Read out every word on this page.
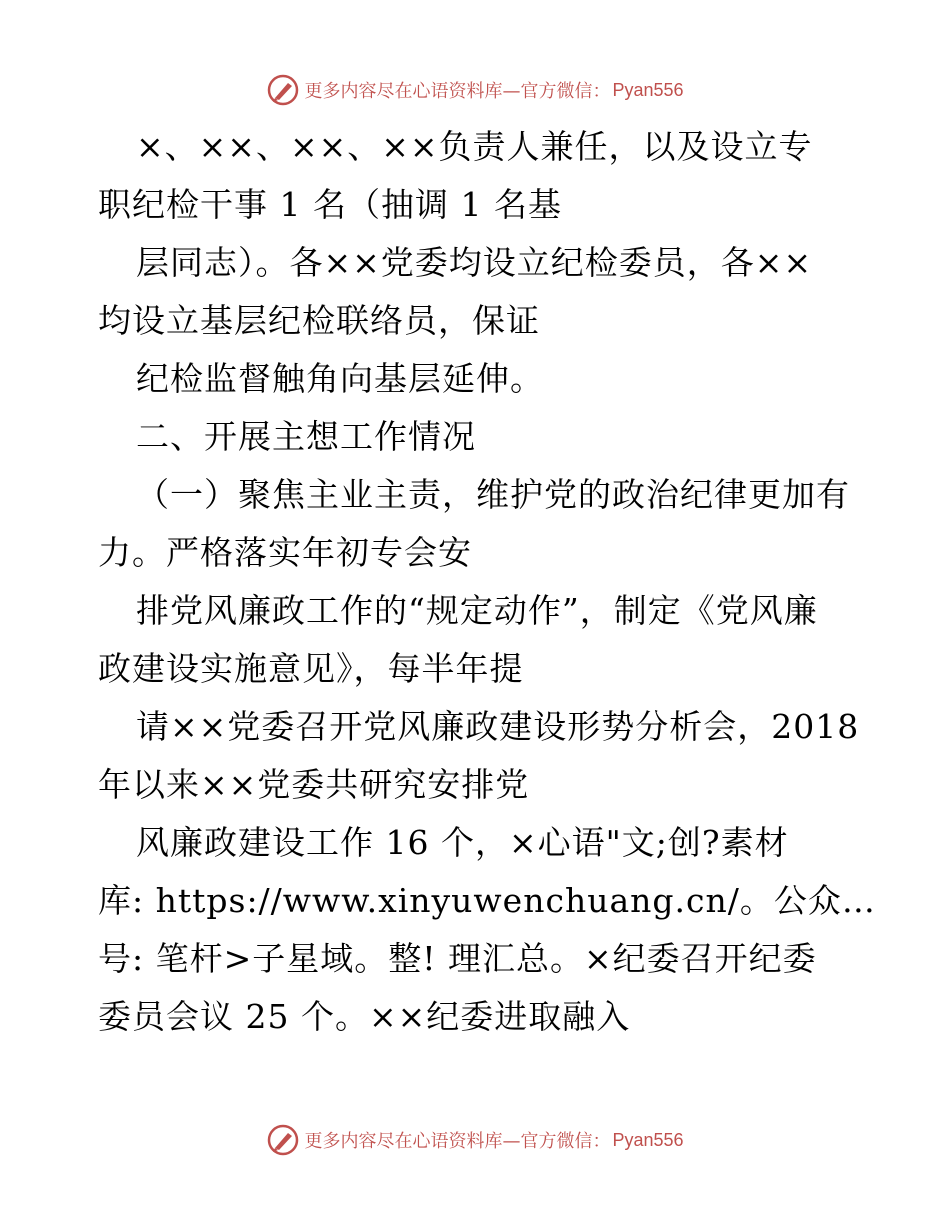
更多内容尽在心语资料库—官方微信： Pyan556
×、××、××、××负责人兼任，以及设立专
职纪检干事 1 名（抽调 1 名基
层同志）。各××党委均设立纪检委员，各××
均设立基层纪检联络员，保证
纪检监督触角向基层延伸。
二、开展主想工作情况
（一）聚焦主业主责，维护党的政治纪律更加有
力。严格落实年初专会安
排党风廉政工作的“规定动作”，制定《党风廉
政建设实施意见》，每半年提
请××党委召开党风廉政建设形势分析会，2018
年以来××党委共研究安排党
风廉政建设工作 16 个，×心语"文;创?素材
库: https://www.xinyuwenchuang.cn/。公众…
号: 笔杆>子星域。整! 理汇总。×纪委召开纪委
委员会议 25 个。××纪委进取融入
更多内容尽在心语资料库—官方微信： Pyan556
